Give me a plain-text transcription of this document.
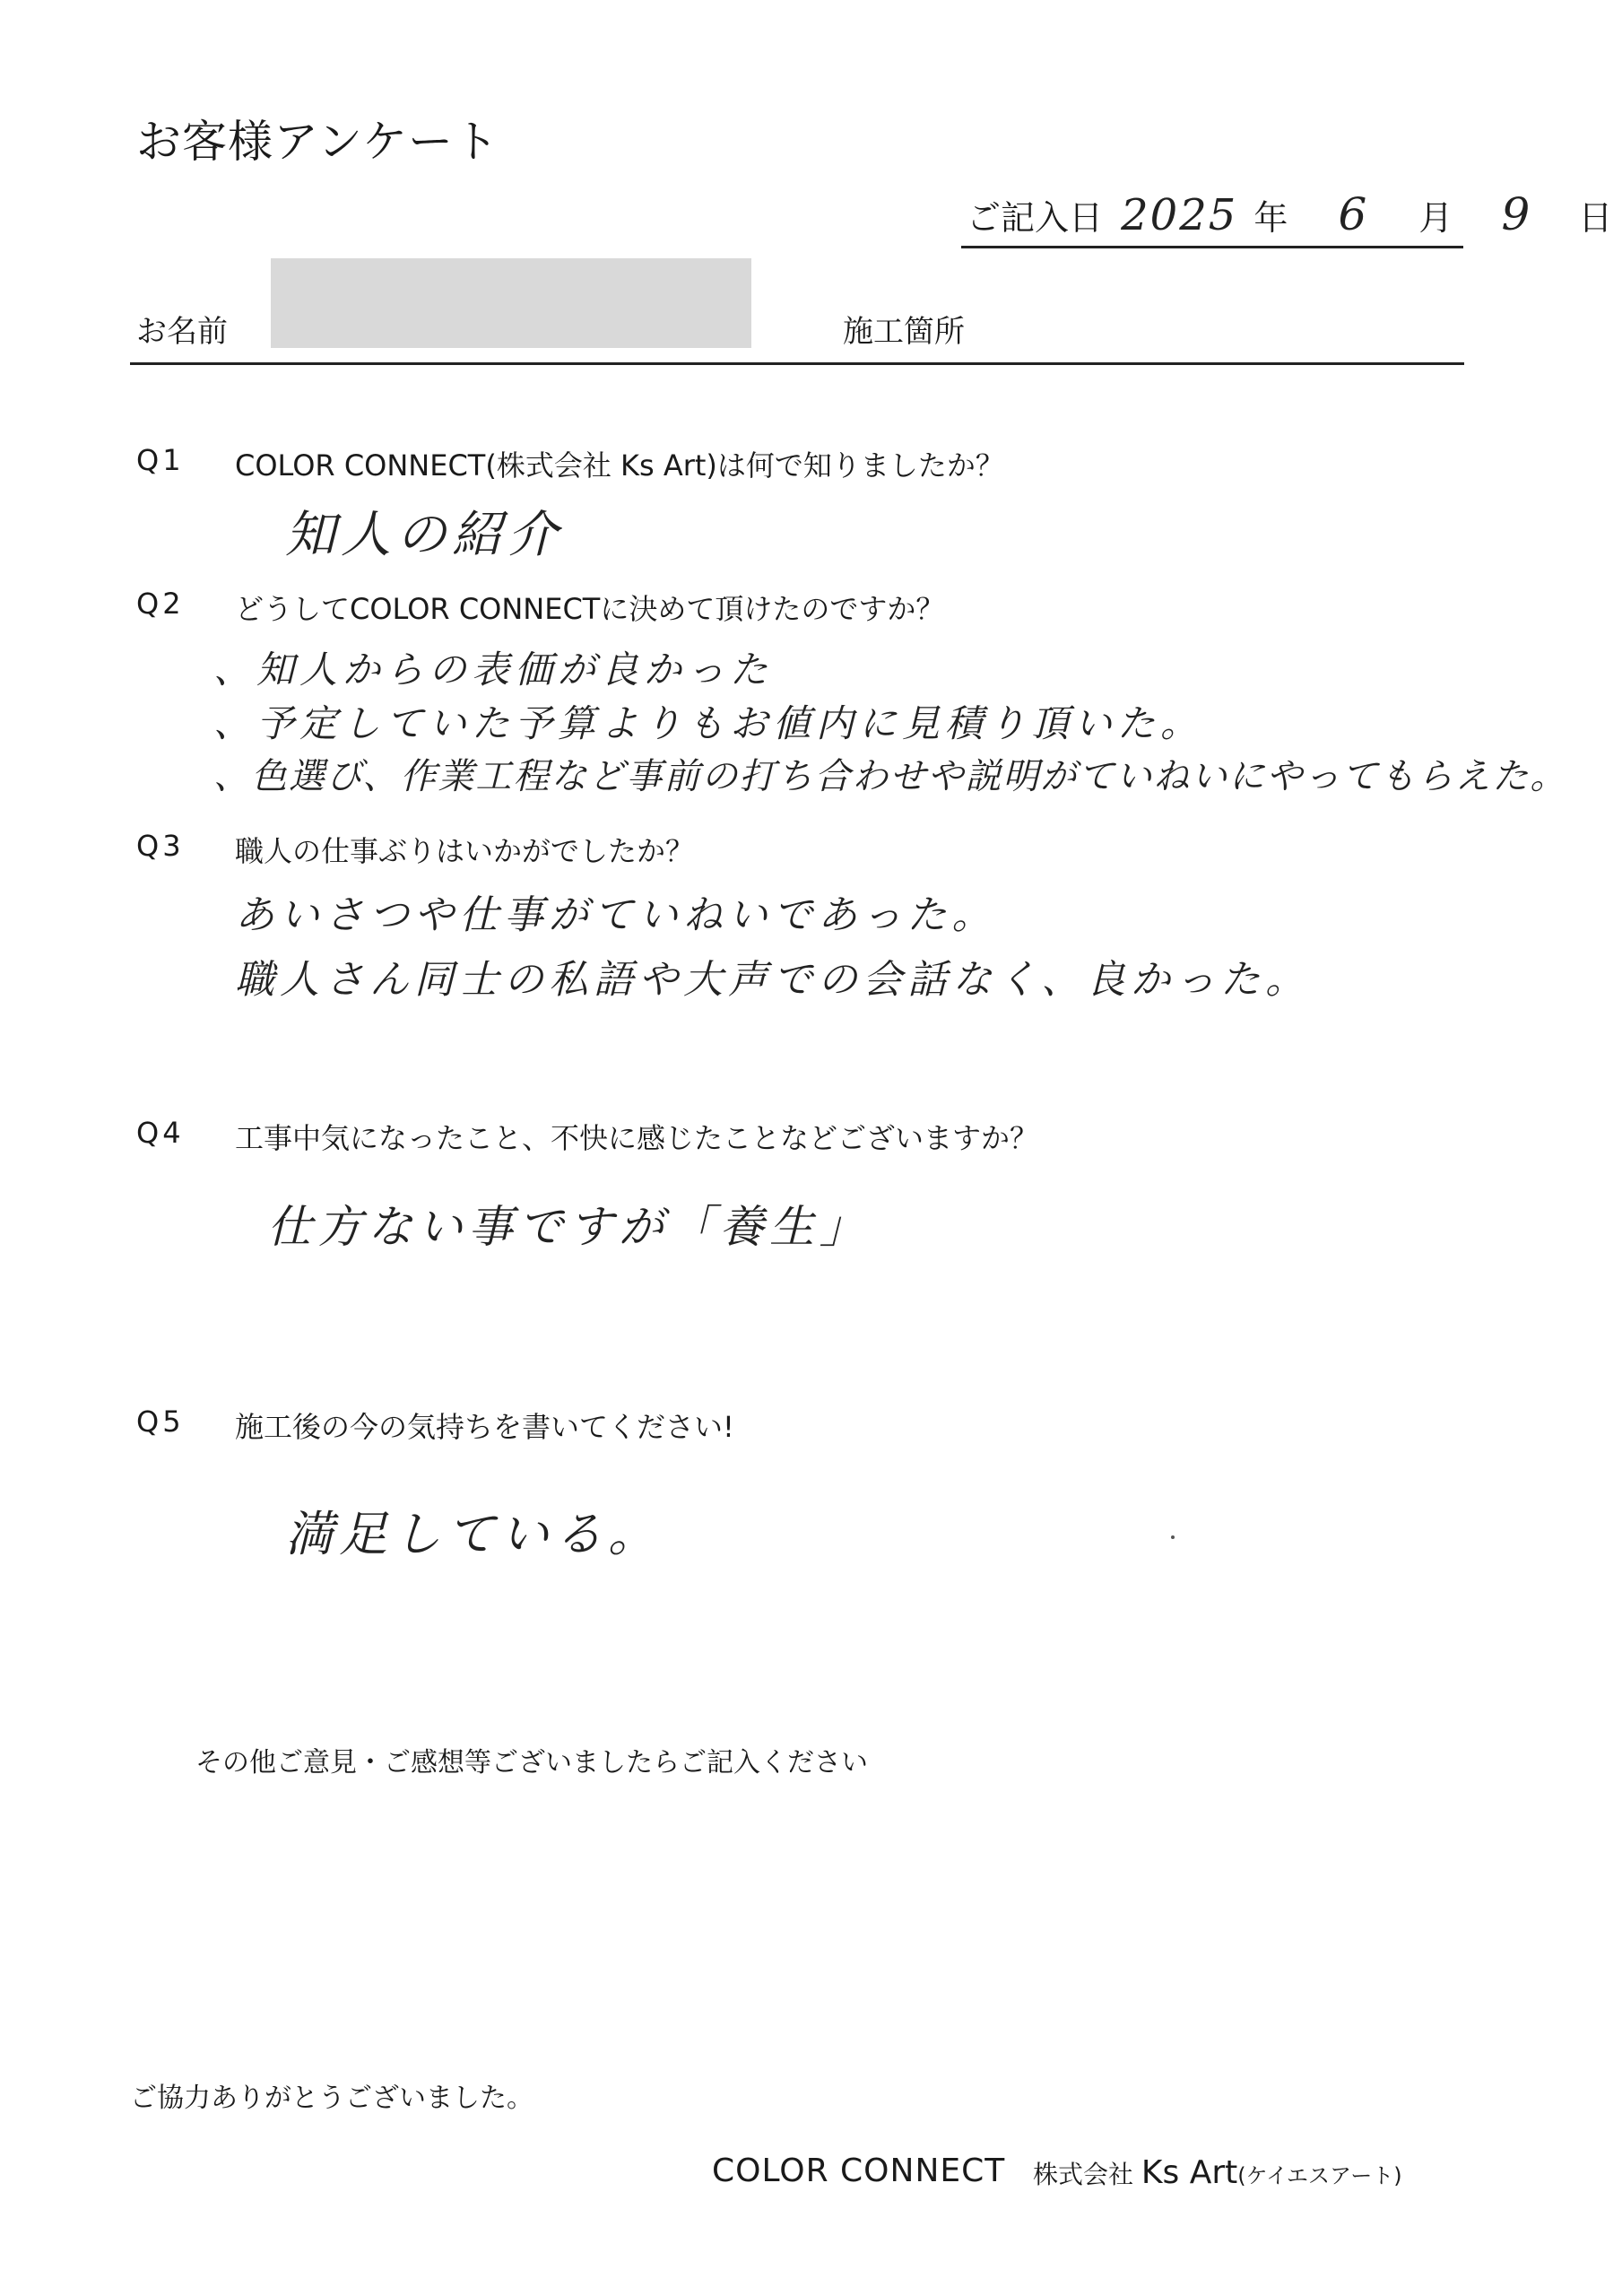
お客様アンケート
ご記入日 2025 年 6 月 9 日
お名前	施工箇所
Q1 COLOR CONNECT(株式会社 Ks Art)は何で知りましたか？
知人の紹介
Q2 どうしてCOLOR CONNECTに決めて頂けたのですか？
、知人からの表価が良かった
、予定していた予算よりもお値内に見積り頂いた。
、色選び、作業工程など事前の打ち合わせや説明がていねいにやってもらえた。
Q3 職人の仕事ぶりはいかがでしたか？
あいさつや仕事がていねいであった。
職人さん同士の私語や大声での会話なく、良かった。
Q4 工事中気になったこと、不快に感じたことなどございますか？
仕方ない事ですが「養生」
Q5 施工後の今の気持ちを書いてください!
満足している。
その他ご意見・ご感想等ございましたらご記入ください
ご協力ありがとうございました。
COLOR CONNECT 株式会社 Ks Art(ケイエスアート)
